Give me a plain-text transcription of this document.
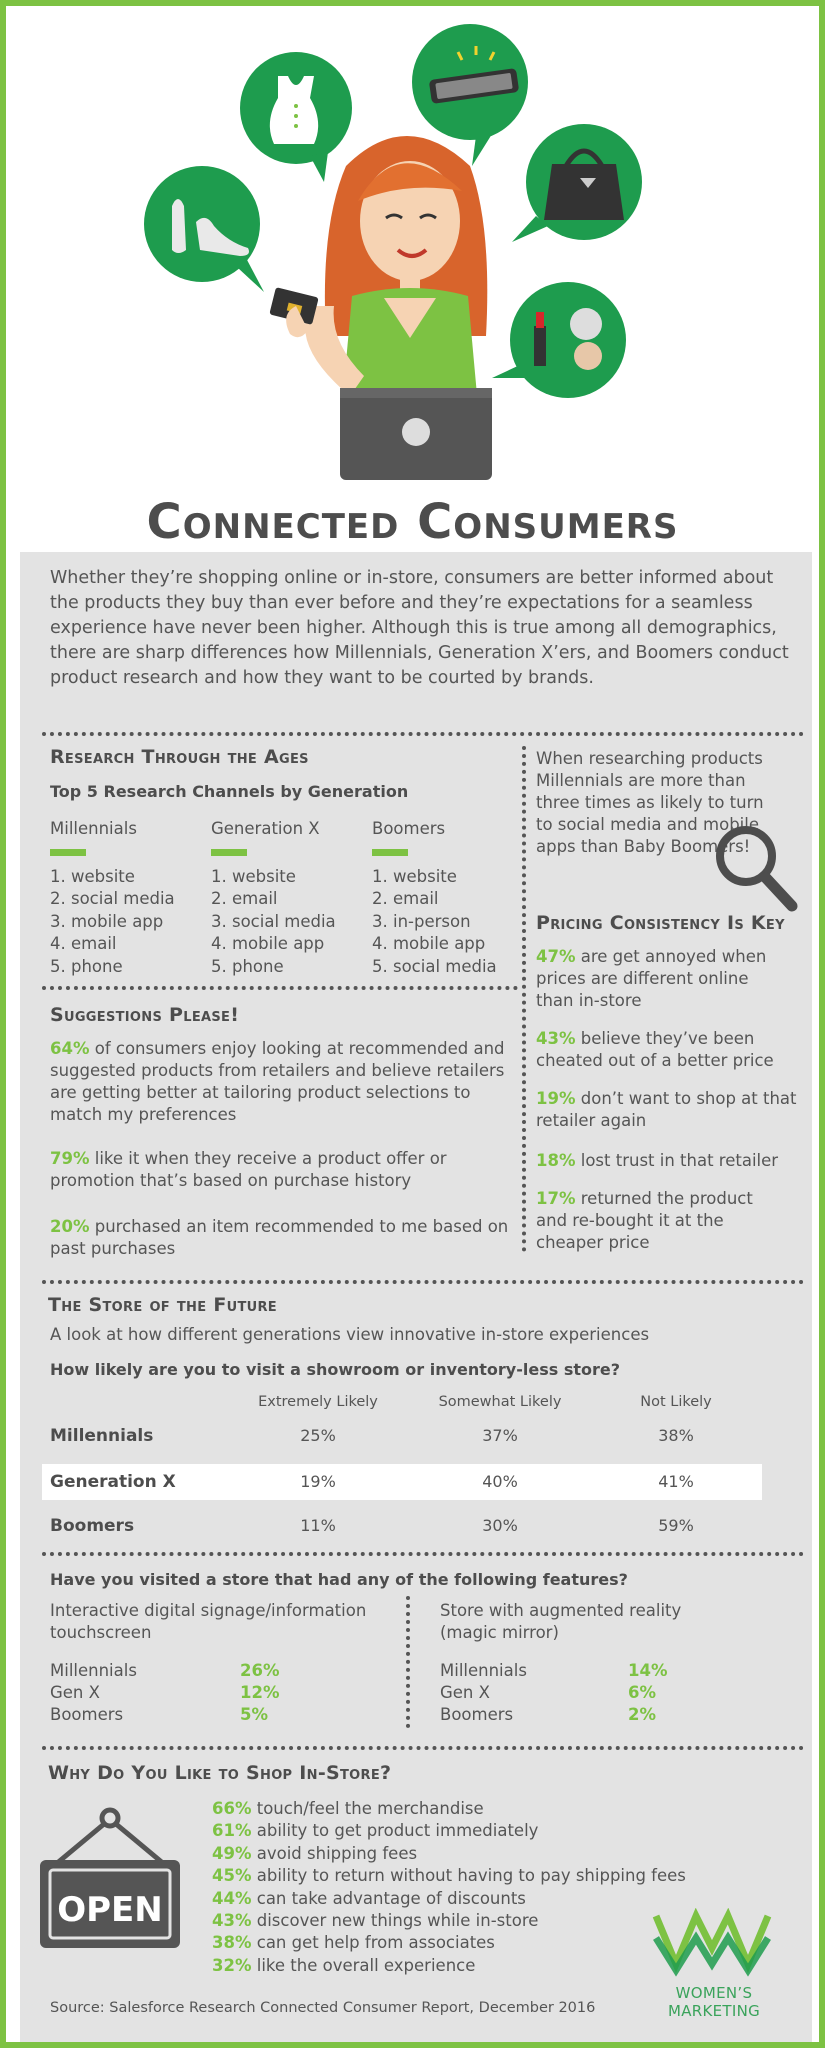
Connected Consumers
Whether they’re shopping online or in-store, consumers are better informed about the products they buy than ever before and they’re expectations for a seamless experience have never been higher. Although this is true among all demographics, there are sharp differences how Millennials, Generation X’ers, and Boomers conduct product research and how they want to be courted by brands.
Research Through the Ages
Top 5 Research Channels by Generation
Millennials
1. website
2. social media
3. mobile app
4. email
5. phone
Generation X
1. website
2. email
3. social media
4. mobile app
5. phone
Boomers
1. website
2. email
3. in-person
4. mobile app
5. social media
When researching products Millennials are more than three times as likely to turn to social media and mobile apps than Baby Boomers!
Suggestions Please!
64% of consumers enjoy looking at recommended and suggested products from retailers and believe retailers are getting better at tailoring product selections to match my preferences
79% like it when they receive a product offer or promotion that’s based on purchase history
20% purchased an item recommended to me based on past purchases
Pricing Consistency Is Key
47% are get annoyed when prices are different online than in-store
43% believe they’ve been cheated out of a better price
19% don’t want to shop at that retailer again
18% lost trust in that retailer
17% returned the product and re-bought it at the cheaper price
The Store of the Future
A look at how different generations view innovative in-store experiences
How likely are you to visit a showroom or inventory-less store?
Extremely Likely	Somewhat Likely	Not Likely
Millennials	25%	37%	38%
Generation X	19%	40%	41%
Boomers	11%	30%	59%
Have you visited a store that had any of the following features?
Interactive digital signage/information touchscreen
Millennials	26%
Gen X	12%
Boomers	5%
Store with augmented reality (magic mirror)
Millennials	14%
Gen X	6%
Boomers	2%
Why Do You Like to Shop In-Store?
OPEN
66% touch/feel the merchandise
61% ability to get product immediately
49% avoid shipping fees
45% ability to return without having to pay shipping fees
44% can take advantage of discounts
43% discover new things while in-store
38% can get help from associates
32% like the overall experience
Source: Salesforce Research Connected Consumer Report, December 2016
WOMEN’S MARKETING
